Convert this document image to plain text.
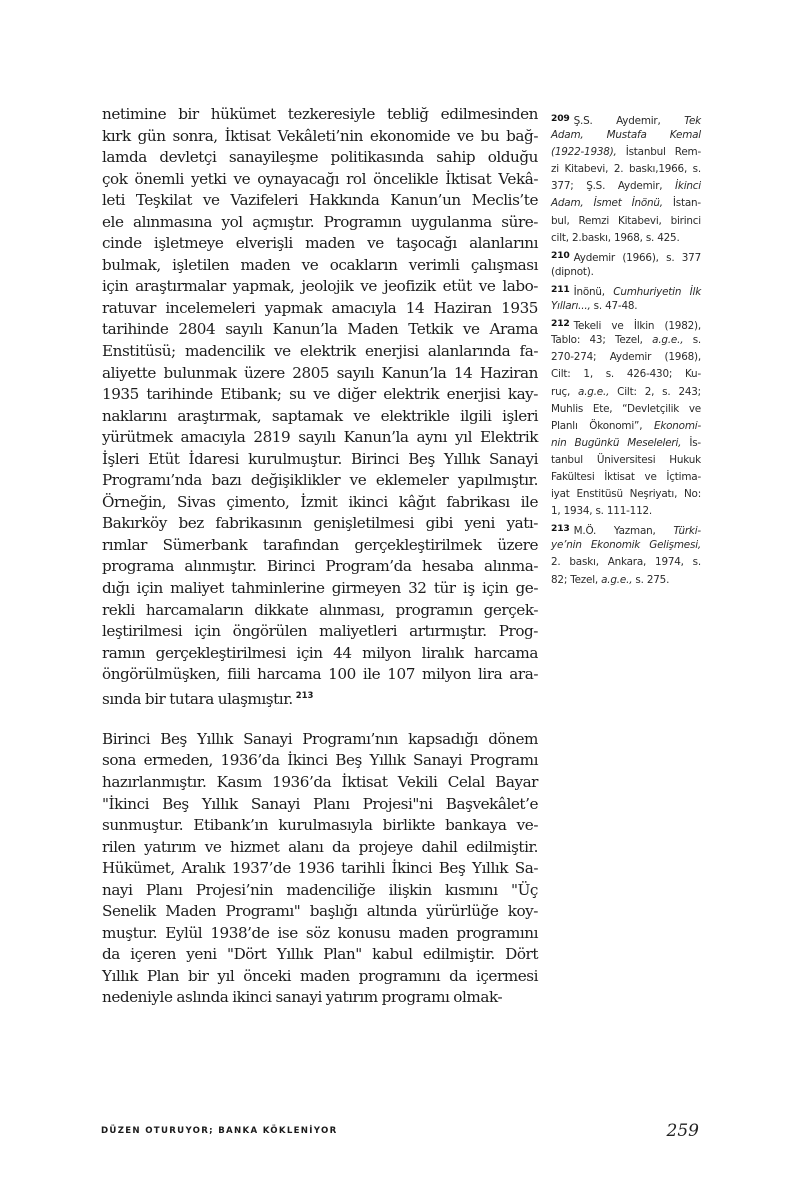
netimine bir hükümet tezkeresiyle tebliğ edilmesinden
kırk gün sonra, İktisat Vekâleti’nin ekonomide ve bu bağ-
lamda devletçi sanayileşme politikasında sahip olduğu
çok önemli yetki ve oynayacağı rol öncelikle İktisat Vekâ-
leti Teşkilat ve Vazifeleri Hakkında Kanun’un Meclis’te
ele alınmasına yol açmıştır. Programın uygulanma süre-
cinde işletmeye elverişli maden ve taşocağı alanlarını
bulmak, işletilen maden ve ocakların verimli çalışması
için araştırmalar yapmak, jeolojik ve jeofizik etüt ve labo-
ratuvar incelemeleri yapmak amacıyla 14 Haziran 1935
tarihinde 2804 sayılı Kanun’la Maden Tetkik ve Arama
Enstitüsü; madencilik ve elektrik enerjisi alanlarında fa-
aliyette bulunmak üzere 2805 sayılı Kanun’la 14 Haziran
1935 tarihinde Etibank; su ve diğer elektrik enerjisi kay-
naklarını araştırmak, saptamak ve elektrikle ilgili işleri
yürütmek amacıyla 2819 sayılı Kanun’la aynı yıl Elektrik
İşleri Etüt İdaresi kurulmuştur. Birinci Beş Yıllık Sanayi
Programı’nda bazı değişiklikler ve eklemeler yapılmıştır.
Örneğin, Sivas çimento, İzmit ikinci kâğıt fabrikası ile
Bakırköy bez fabrikasının genişletilmesi gibi yeni yatı-
rımlar Sümerbank tarafından gerçekleştirilmek üzere
programa alınmıştır. Birinci Program’da hesaba alınma-
dığı için maliyet tahminlerine girmeyen 32 tür iş için ge-
rekli harcamaların dikkate alınması, programın gerçek-
leştirilmesi için öngörülen maliyetleri artırmıştır. Prog-
ramın gerçekleştirilmesi için 44 milyon liralık harcama
öngörülmüşken, fiili harcama 100 ile 107 milyon lira ara-
sında bir tutara ulaşmıştır. $^{213}$

Birinci Beş Yıllık Sanayi Programı’nın kapsadığı dönem
sona ermeden, 1936’da İkinci Beş Yıllık Sanayi Programı
hazırlanmıştır. Kasım 1936’da İktisat Vekili Celal Bayar
"İkinci Beş Yıllık Sanayi Planı Projesi"ni Başvekâlet’e
sunmuştur. Etibank’ın kurulmasıyla birlikte bankaya ve-
rilen yatırım ve hizmet alanı da projeye dahil edilmiştir.
Hükümet, Aralık 1937’de 1936 tarihli İkinci Beş Yıllık Sa-
nayi Planı Projesi’nin madenciliğe ilişkin kısmını "Üç
Senelik Maden Programı" başlığı altında yürürlüğe koy-
muştur. Eylül 1938’de ise söz konusu maden programını
da içeren yeni "Dört Yıllık Plan" kabul edilmiştir. Dört
Yıllık Plan bir yıl önceki maden programını da içermesi
nedeniyle aslında ikinci sanayi yatırım programı olmak-
209 Ş.S. Aydemir, Tek
Adam, Mustafa Kemal
(1922-1938), İstanbul Rem-
zi Kitabevi, 2. baskı,1966, s.
377; Ş.S. Aydemir, İkinci
Adam, İsmet İnönü, İstan-
bul, Remzi Kitabevi, birinci
cilt, 2.baskı, 1968, s. 425.
210 Aydemir (1966), s. 377
(dipnot).
211 İnönü, Cumhuriyetin İlk
Yılları..., s. 47-48.
212 Tekeli ve İlkin (1982),
Tablo: 43; Tezel, a.g.e., s.
270-274; Aydemir (1968),
Cilt: 1, s. 426-430; Ku-
ruç, a.g.e., Cilt: 2, s. 243;
Muhlis Ete, “Devletçilik ve
Planlı Ökonomi”, Ekonomi-
nin Bugünkü Meseleleri, İs-
tanbul Üniversitesi Hukuk
Fakültesi İktisat ve İçtima-
iyat Enstitüsü Neşriyatı, No:
1, 1934, s. 111-112.
213 M.Ö. Yazman, Türki-
ye’nin Ekonomik Gelişmesi,
2. baskı, Ankara, 1974, s.
82; Tezel, a.g.e., s. 275.
DÜZEN OTURUYOR; BANKA KÖKLENİYOR	259
